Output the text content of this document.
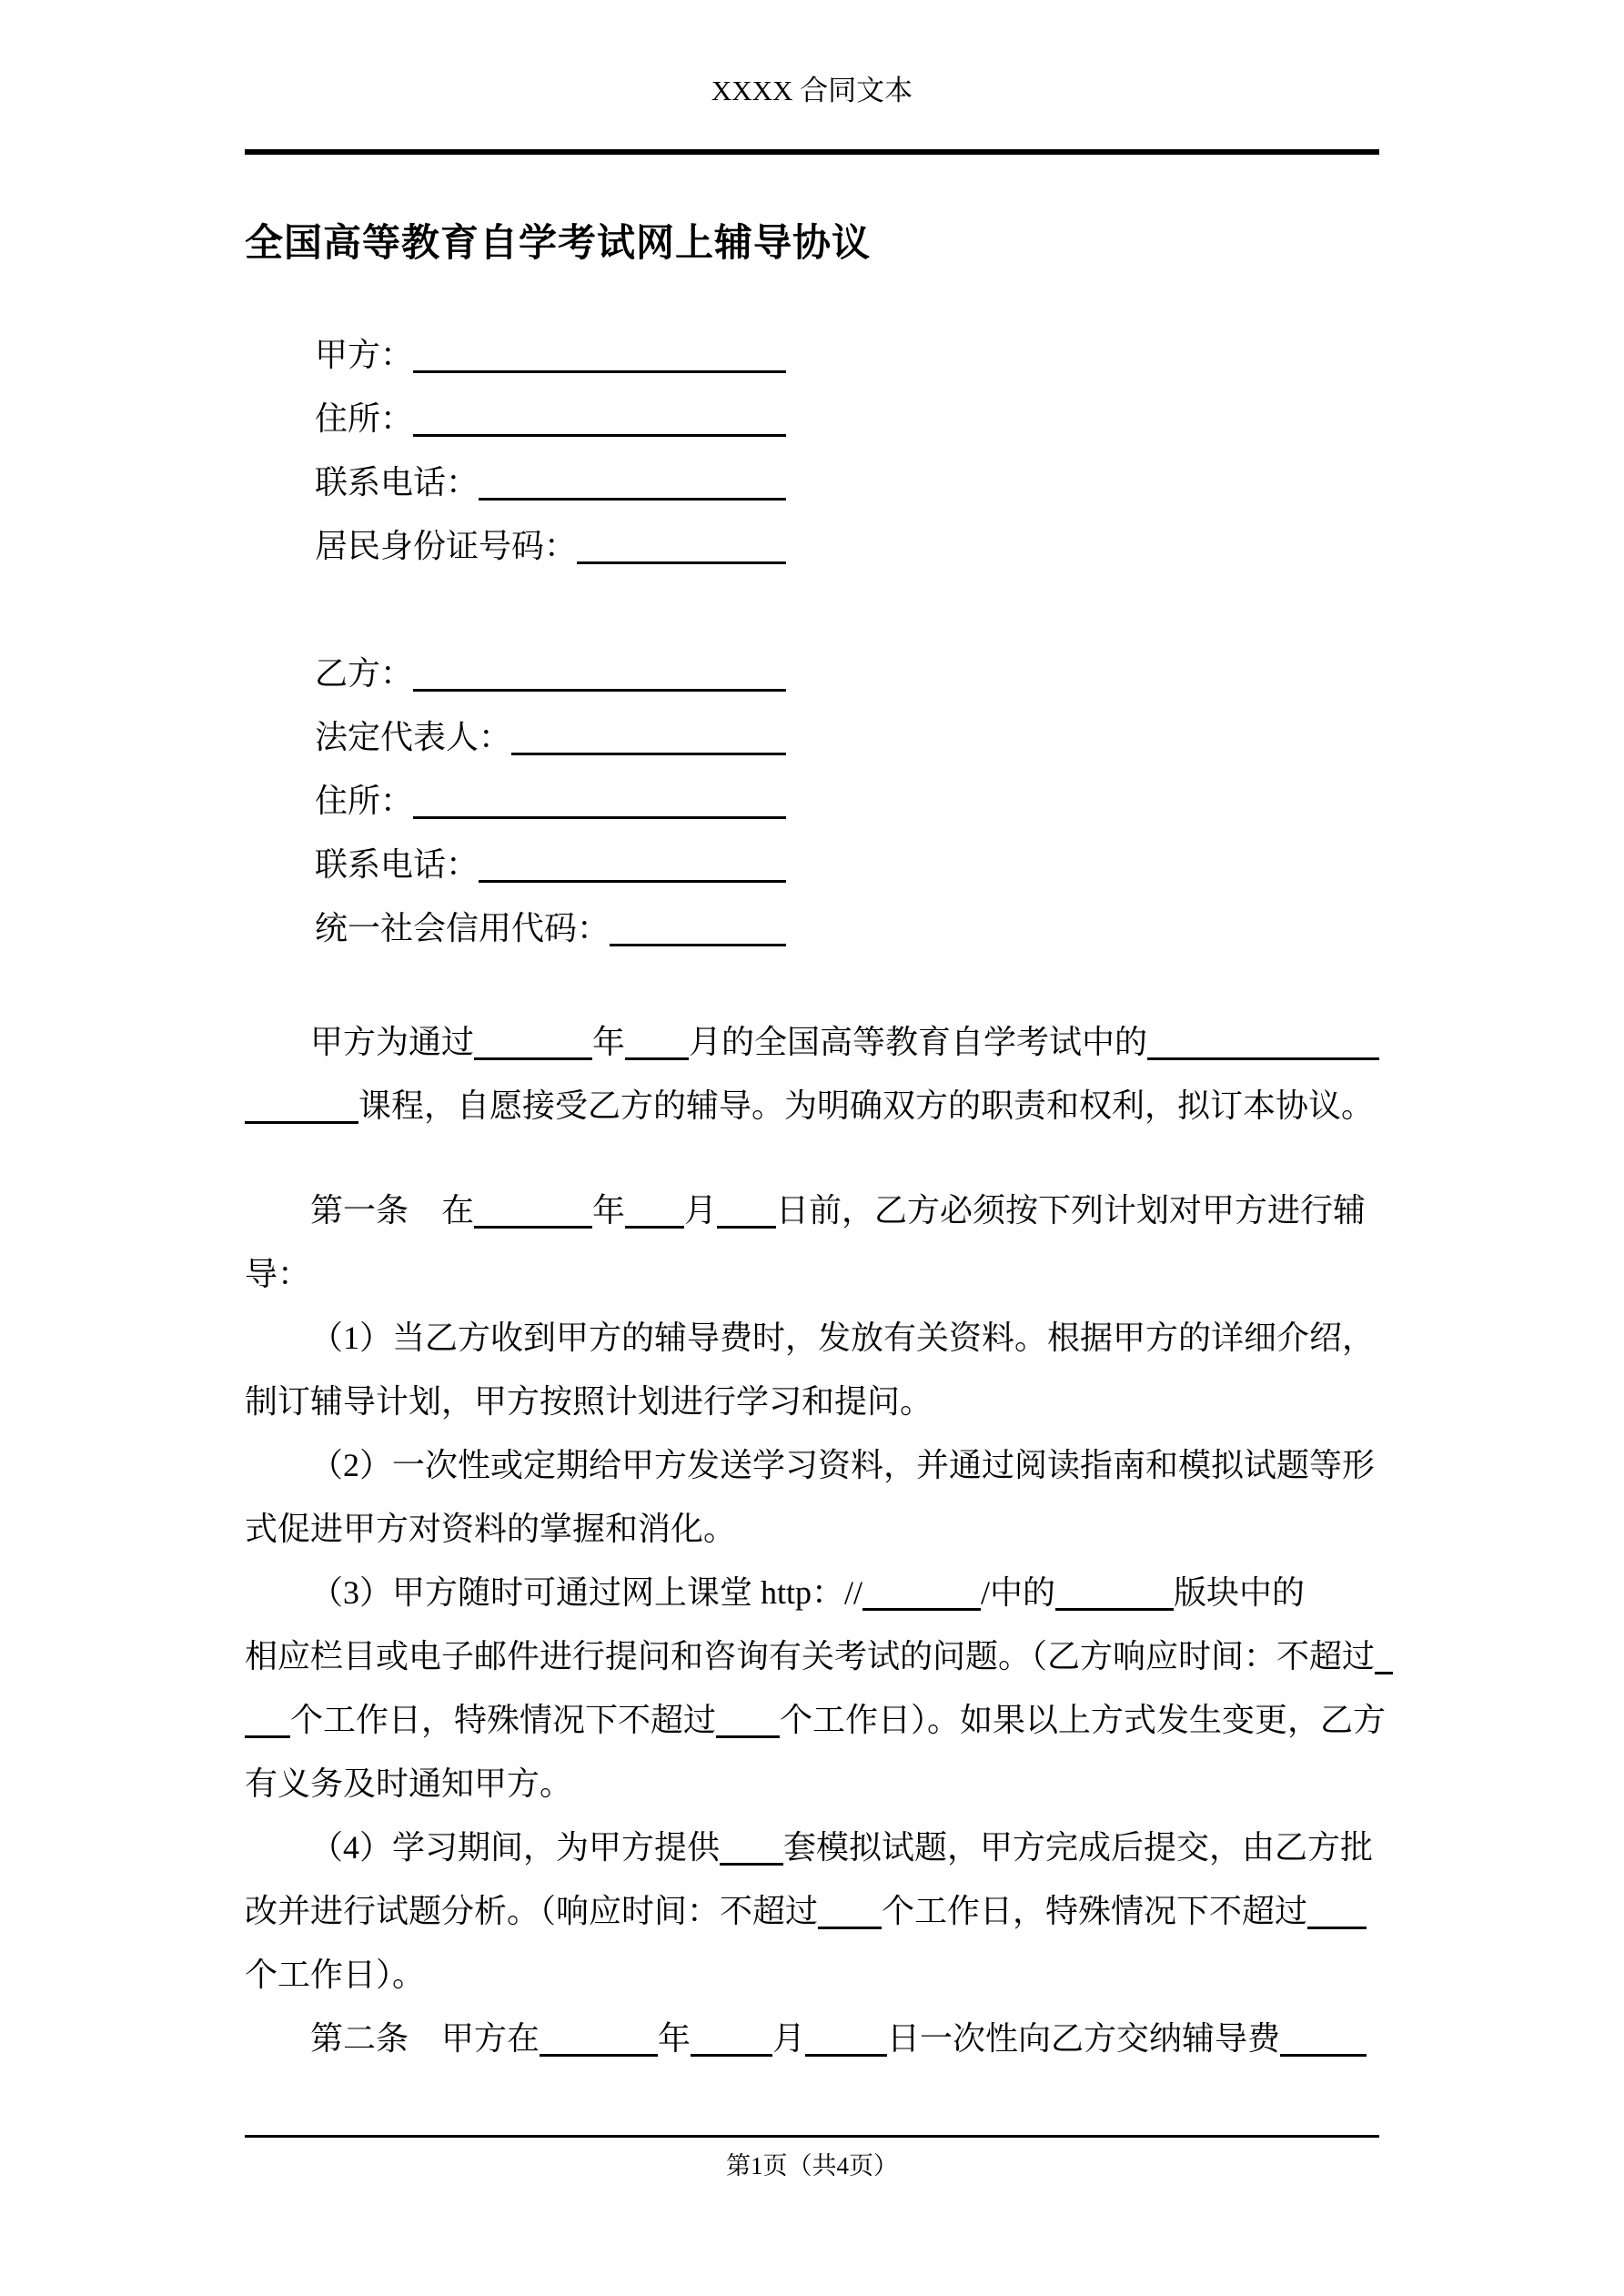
XXXX 合同文本
全国高等教育自学考试网上辅导协议
甲方：
住所：
联系电话：
居民身份证号码：
乙方：
法定代表人：
住所：
联系电话：
统一社会信用代码：
甲方为通过	年 月的全国高等教育自学考试中的
课程，自愿接受乙方的辅导。为明确双方的职责和权利，拟订本协议。
第一条　在	年 月 日前，乙方必须按下列计划对甲方进行辅
导：
（1）当乙方收到甲方的辅导费时，发放有关资料。根据甲方的详细介绍，
制订辅导计划，甲方按照计划进行学习和提问。
（2）一次性或定期给甲方发送学习资料，并通过阅读指南和模拟试题等形
式促进甲方对资料的掌握和消化。
（3）甲方随时可通过网上课堂 http：//	/中的	版块中的
相应栏目或电子邮件进行提问和咨询有关考试的问题。（乙方响应时间：不超过
个工作日，特殊情况下不超过 个工作日）。如果以上方式发生变更，乙方
有义务及时通知甲方。
（4）学习期间，为甲方提供 套模拟试题，甲方完成后提交，由乙方批
改并进行试题分析。（响应时间：不超过 个工作日，特殊情况下不超过
个工作日）。
第二条　甲方在	年	月	日一次性向乙方交纳辅导费
第1页（共4页）
